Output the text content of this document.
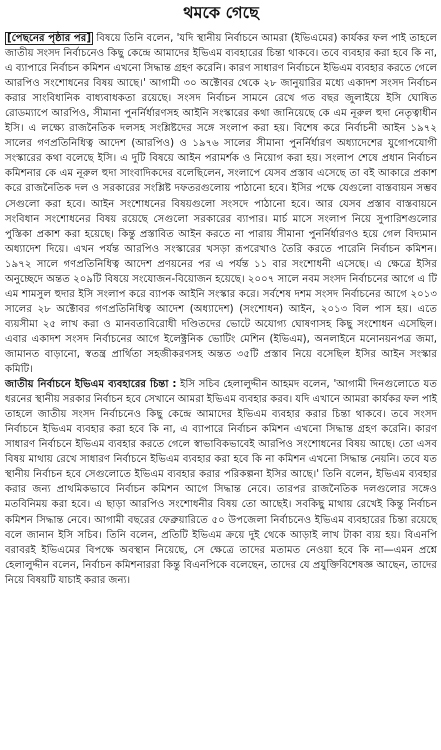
থমকে গেছে

[পেছনের পৃষ্ঠার পর] বিষয়ে তিনি বলেন, 'যদি স্থানীয় নির্বাচনে আমরা (ইভিএমের) কার্যকর ফল পাই তাহলে জাতীয় সংসদ নির্বাচনেও কিছু কেন্দ্রে আমাদের ইভিএম ব্যবহারের চিন্তা থাকবে। তবে ব্যবহার করা হবে কি না, এ ব্যাপারে নির্বাচন কমিশন এখনো সিদ্ধান্ত গ্রহণ করেনি। কারণ সাধারণ নির্বাচনে ইভিএম ব্যবহার করতে গেলে আরপিও সংশোধনের বিষয় আছে।' আগামী ৩০ অক্টোবর থেকে ২৮ জানুয়ারির মধ্যে একাদশ সংসদ নির্বাচন করার সাংবিধানিক বাধ্যবাধকতা রয়েছে। সংসদ নির্বাচন সামনে রেখে গত বছর জুলাইয়ে ইসি ঘোষিত রোডম্যাপে আরপিও, সীমানা পুনর্নির্ধারণসহ আইনি সংস্কারের কথা জানিয়েছে কে এম নূরুল হুদা নেতৃত্বাধীন ইসি। এ লক্ষ্যে রাজনৈতিক দলসহ সংশ্লিষ্টদের সঙ্গে সংলাপ করা হয়। বিশেষ করে নির্বাচনী আইন ১৯৭২ সালের গণপ্রতিনিধিত্ব আদেশ (আরপিও) ও ১৯৭৬ সালের সীমানা পুনর্নির্ধারণ অধ্যাদেশের যুগোপযোগী সংস্কারের কথা বলেছে ইসি। এ দুটি বিষয়ে আইন পরামর্শক ও নিয়োগ করা হয়। সংলাপ শেষে প্রধান নির্বাচন কমিশনার কে এম নূরুল হুদা সাংবাদিকদের বলেছিলেন, সংলাপে যেসব প্রস্তাব এসেছে তা বই আকারে প্রকাশ করে রাজনৈতিক দল ও সরকারের সংশ্লিষ্ট দফতরগুলোয় পাঠানো হবে। ইসির পক্ষে যেগুলো বাস্তবায়ন সম্ভব সেগুলো করা হবে। আইন সংশোধনের বিষয়গুলো সংসদে পাঠানো হবে। আর যেসব প্রস্তাব বাস্তবায়নে সংবিধান সংশোধনের বিষয় রয়েছে সেগুলো সরকারের ব্যাপার। মার্চ মাসে সংলাপ নিয়ে সুপারিশগুলোর পুস্তিকা প্রকাশ করা হয়েছে। কিন্তু প্রস্তাবিত আইন করতে না পারায় সীমানা পুনর্নির্ধারণও হয়ে গেল বিদ্যমান অধ্যাদেশ দিয়ে। এখন পর্যন্ত আরপিও সংস্কারের খসড়া রূপরেখাও তৈরি করতে পারেনি নির্বাচন কমিশন। ১৯৭২ সালে গণপ্রতিনিধিত্ব আদেশ প্রণয়নের পর এ পর্যন্ত ১১ বার সংশোধনী এসেছে। এ ক্ষেত্রে ইসির অনুচ্ছেদে অন্তত ২০৯টি বিষয়ে সংযোজন-বিয়োজন হয়েছে। ২০০৭ সালে নবম সংসদ নির্বাচনের আগে এ টি এম শামসুল হুদার ইসি সংলাপ করে ব্যাপক আইনি সংস্কার করে। সর্বশেষ দশম সংসদ নির্বাচনের আগে ২০১৩ সালের ২৮ অক্টোবর গণপ্রতিনিধিত্ব আদেশ (অধ্যাদেশ) (সংশোধন) আইন, ২০১৩ বিল পাস হয়। এতে ব্যয়সীমা ২৫ লাখ করা ও মানবতাবিরোধী দণ্ডিতদের ভোটে অযোগ্য ঘোষণাসহ কিছু সংশোধন এসেছিল। এবার একাদশ সংসদ নির্বাচনের আগে ইলেক্ট্রনিক ভোটিং মেশিন (ইভিএম), অনলাইনে মনোনয়নপত্র জমা, জামানত বাড়ানো, স্বতন্ত্র প্রার্থিতা সহজীকরণসহ অন্তত ৩৫টি প্রস্তাব নিয়ে বসেছিল ইসির আইন সংস্কার কমিটি।

জাতীয় নির্বাচনে ইভিএম ব্যবহারের চিন্তা : ইসি সচিব হেলালুদ্দীন আহমদ বলেন, 'আগামী দিনগুলোতে যত ধরনের স্থানীয় সরকার নির্বাচন হবে সেখানে আমরা ইভিএম ব্যবহার করব। যদি এখানে আমরা কার্যকর ফল পাই তাহলে জাতীয় সংসদ নির্বাচনেও কিছু কেন্দ্রে আমাদের ইভিএম ব্যবহার করার চিন্তা থাকবে। তবে সংসদ নির্বাচনে ইভিএম ব্যবহার করা হবে কি না, এ ব্যাপারে নির্বাচন কমিশন এখনো সিদ্ধান্ত গ্রহণ করেনি। কারণ সাধারণ নির্বাচনে ইভিএম ব্যবহার করতে গেলে স্বাভাবিকভাবেই আরপিও সংশোধনের বিষয় আছে। তো এসব বিষয় মাথায় রেখে সাধারণ নির্বাচনে ইভিএম ব্যবহার করা হবে কি না কমিশন এখনো সিদ্ধান্ত নেয়নি। তবে যত স্থানীয় নির্বাচন হবে সেগুলোতে ইভিএম ব্যবহার করার পরিকল্পনা ইসির আছে।' তিনি বলেন, ইভিএম ব্যবহার করার জন্য প্রাথমিকভাবে নির্বাচন কমিশন আগে সিদ্ধান্ত নেবে। তারপর রাজনৈতিক দলগুলোর সঙ্গেও মতবিনিময় করা হবে। এ ছাড়া আরপিও সংশোধনীর বিষয় তো আছেই। সবকিছু মাথায় রেখেই কিন্তু নির্বাচন কমিশন সিদ্ধান্ত নেবে। আগামী বছরের ফেব্রুয়ারিতে ৫০ উপজেলা নির্বাচনেও ইভিএম ব্যবহারের চিন্তা রয়েছে বলে জানান ইসি সচিব। তিনি বলেন, প্রতিটি ইভিএম ক্রয়ে দুই থেকে আড়াই লাখ টাকা ব্যয় হয়। বিএনপি বরাবরই ইভিএমের বিপক্ষে অবস্থান নিয়েছে, সে ক্ষেত্রে তাদের মতামত নেওয়া হবে কি না—এমন প্রশ্নে হেলালুদ্দীন বলেন, নির্বাচন কমিশনাররা কিন্তু বিএনপিকে বলেছেন, তাদের যে প্রযুক্তিবিশেষজ্ঞ আছেন, তাদের নিয়ে বিষয়টি যাচাই করার জন্য।
